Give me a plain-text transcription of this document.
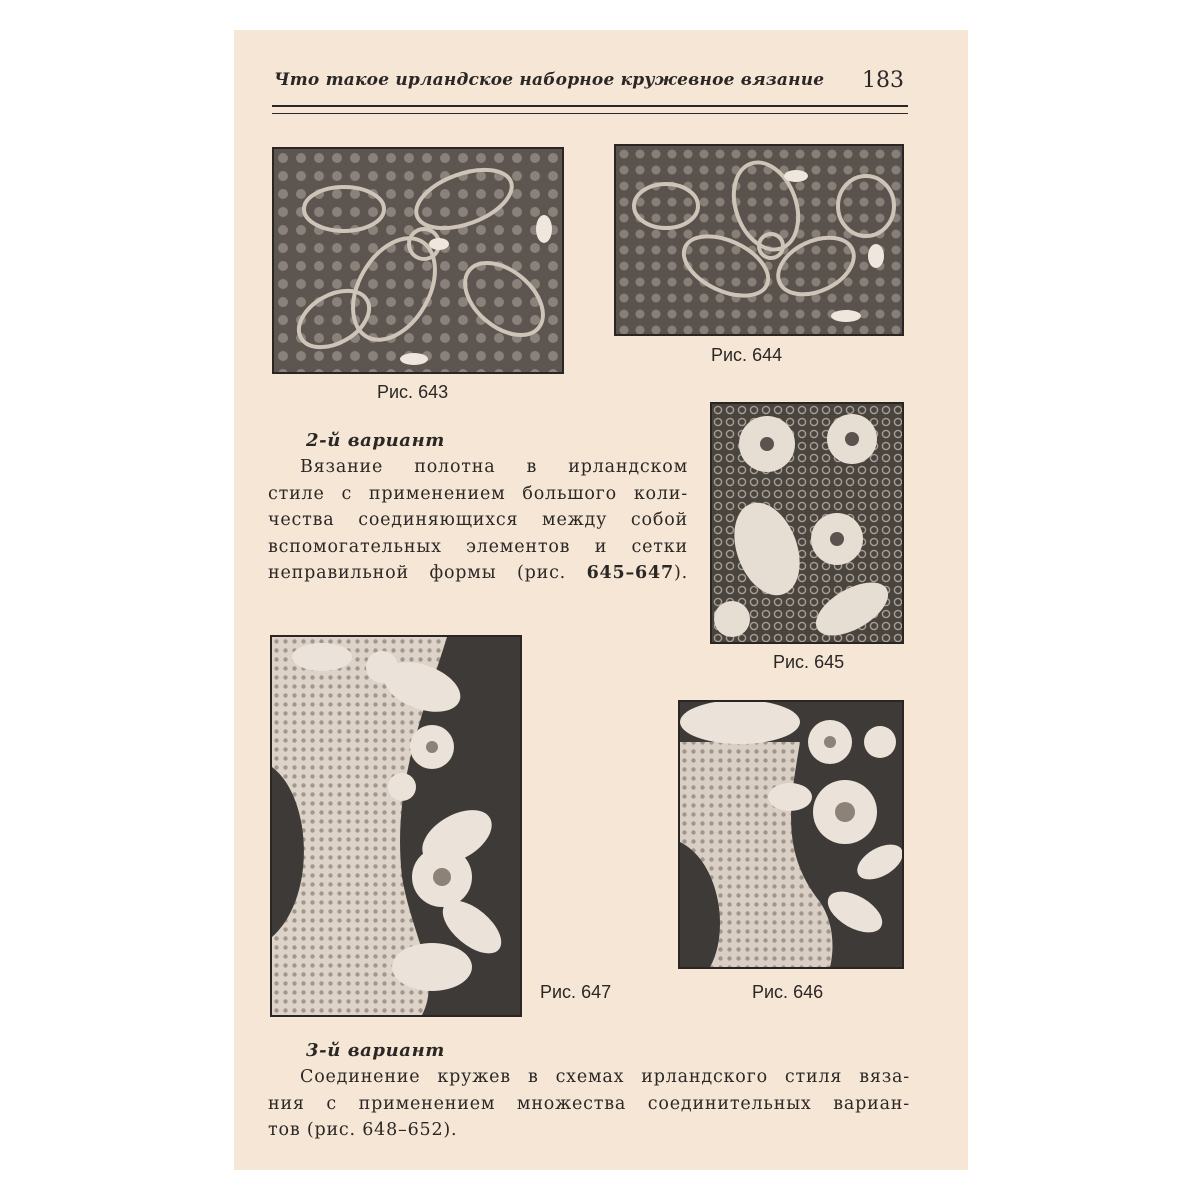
Что такое ирландское наборное кружевное вязание 183
Рис. 643
Рис. 644
2-й вариант
Вязание полотна в ирландском
стиле с применением большого коли-
чества соединяющихся между собой
вспомогательных элементов и сетки
неправильной формы (рис. 645–647).
Рис. 645
Рис. 647	Рис. 646
3-й вариант
Соединение кружев в схемах ирландского стиля вяза-
ния с применением множества соединительных вариан-
тов (рис. 648–652).
